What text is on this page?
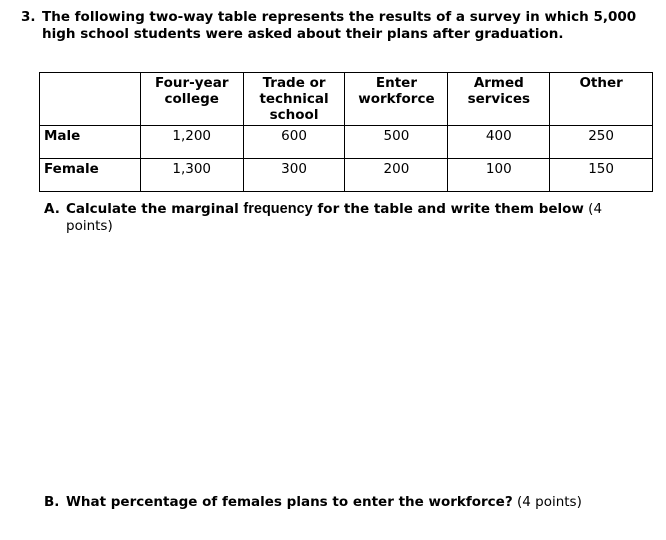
3. The following two-way table represents the results of a survey in which 5,000 high school students were asked about their plans after graduation.
	Four-year college	Trade or technical school	Enter workforce	Armed services	Other
Male	1,200	600	500	400	250
Female	1,300	300	200	100	150
A. Calculate the marginal frequency for the table and write them below (4 points)
B. What percentage of females plans to enter the workforce? (4 points)
